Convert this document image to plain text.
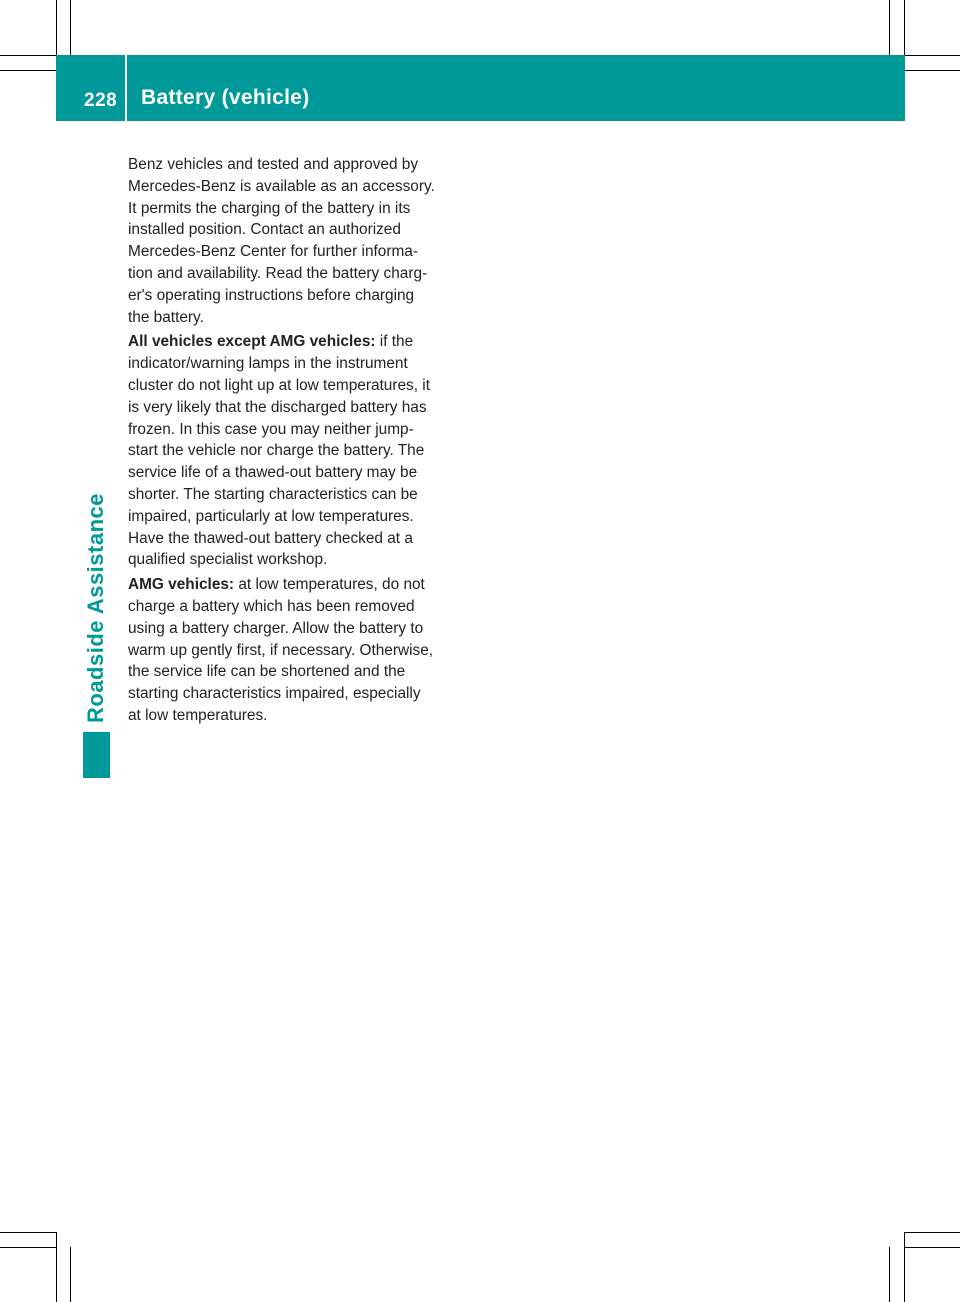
228 Battery (vehicle)
Roadside Assistance

Benz vehicles and tested and approved by
Mercedes-Benz is available as an accessory.
It permits the charging of the battery in its
installed position. Contact an authorized
Mercedes-Benz Center for further informa-
tion and availability. Read the battery charg-
er's operating instructions before charging
the battery.

All vehicles except AMG vehicles: if the
indicator/warning lamps in the instrument
cluster do not light up at low temperatures, it
is very likely that the discharged battery has
frozen. In this case you may neither jump-
start the vehicle nor charge the battery. The
service life of a thawed-out battery may be
shorter. The starting characteristics can be
impaired, particularly at low temperatures.
Have the thawed-out battery checked at a
qualified specialist workshop.

AMG vehicles: at low temperatures, do not
charge a battery which has been removed
using a battery charger. Allow the battery to
warm up gently first, if necessary. Otherwise,
the service life can be shortened and the
starting characteristics impaired, especially
at low temperatures.
